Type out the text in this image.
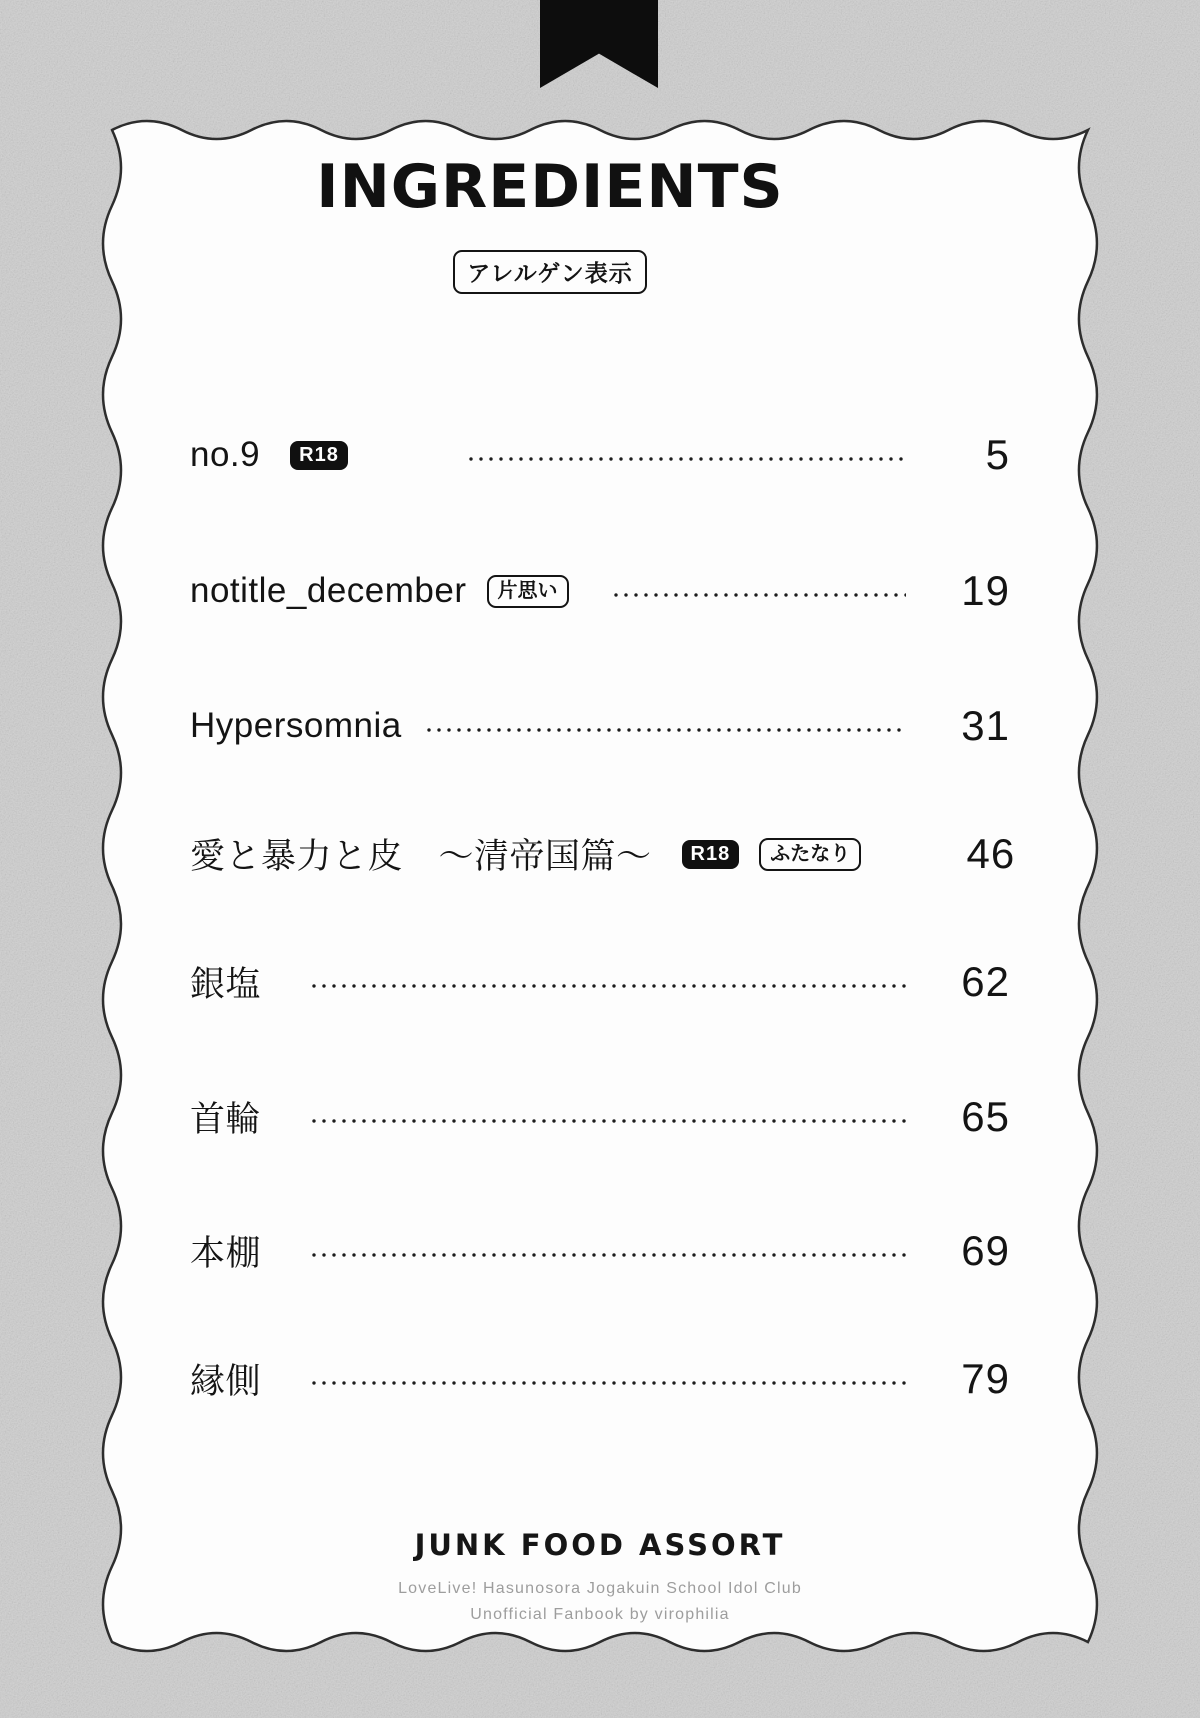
INGREDIENTS
アレルゲン表示
no.9	R18	5
notitle_december	片思い	19
Hypersomnia	31
愛と暴力と皮　～清帝国篇～	R18	ふたなり	46
銀塩	62
首輪	65
本棚	69
縁側	79
JUNK FOOD ASSORT
LoveLive! Hasunosora Jogakuin School Idol Club
Unofficial Fanbook by virophilia
